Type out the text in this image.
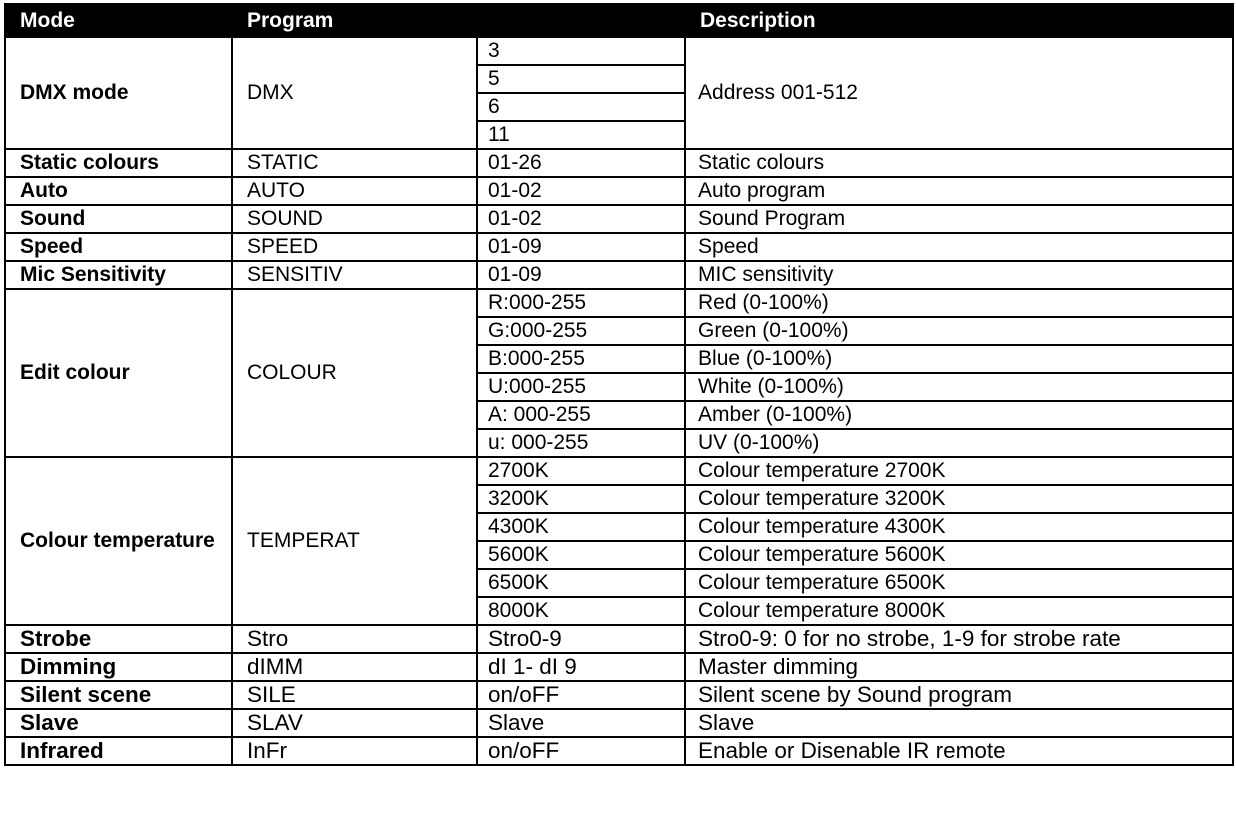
Mode	Program		Description
DMX mode	DMX	3	Address 001-512
		5	
		6	
		11	
Static colours	STATIC	01-26	Static colours
Auto	AUTO	01-02	Auto program
Sound	SOUND	01-02	Sound Program
Speed	SPEED	01-09	Speed
Mic Sensitivity	SENSITIV	01-09	MIC sensitivity
Edit colour	COLOUR	R:000-255	Red (0-100%)
		G:000-255	Green (0-100%)
		B:000-255	Blue (0-100%)
		U:000-255	White (0-100%)
		A: 000-255	Amber (0-100%)
		u: 000-255	UV (0-100%)
Colour temperature	TEMPERAT	2700K	Colour temperature 2700K
		3200K	Colour temperature 3200K
		4300K	Colour temperature 4300K
		5600K	Colour temperature 5600K
		6500K	Colour temperature 6500K
		8000K	Colour temperature 8000K
Strobe	Stro	Stro0-9	Stro0-9: 0 for no strobe, 1-9 for strobe rate
Dimming	dIMM	dI 1- dI 9	Master dimming
Silent scene	SILE	on/oFF	Silent scene by Sound program
Slave	SLAV	Slave	Slave
Infrared	InFr	on/oFF	Enable or Disenable IR remote
